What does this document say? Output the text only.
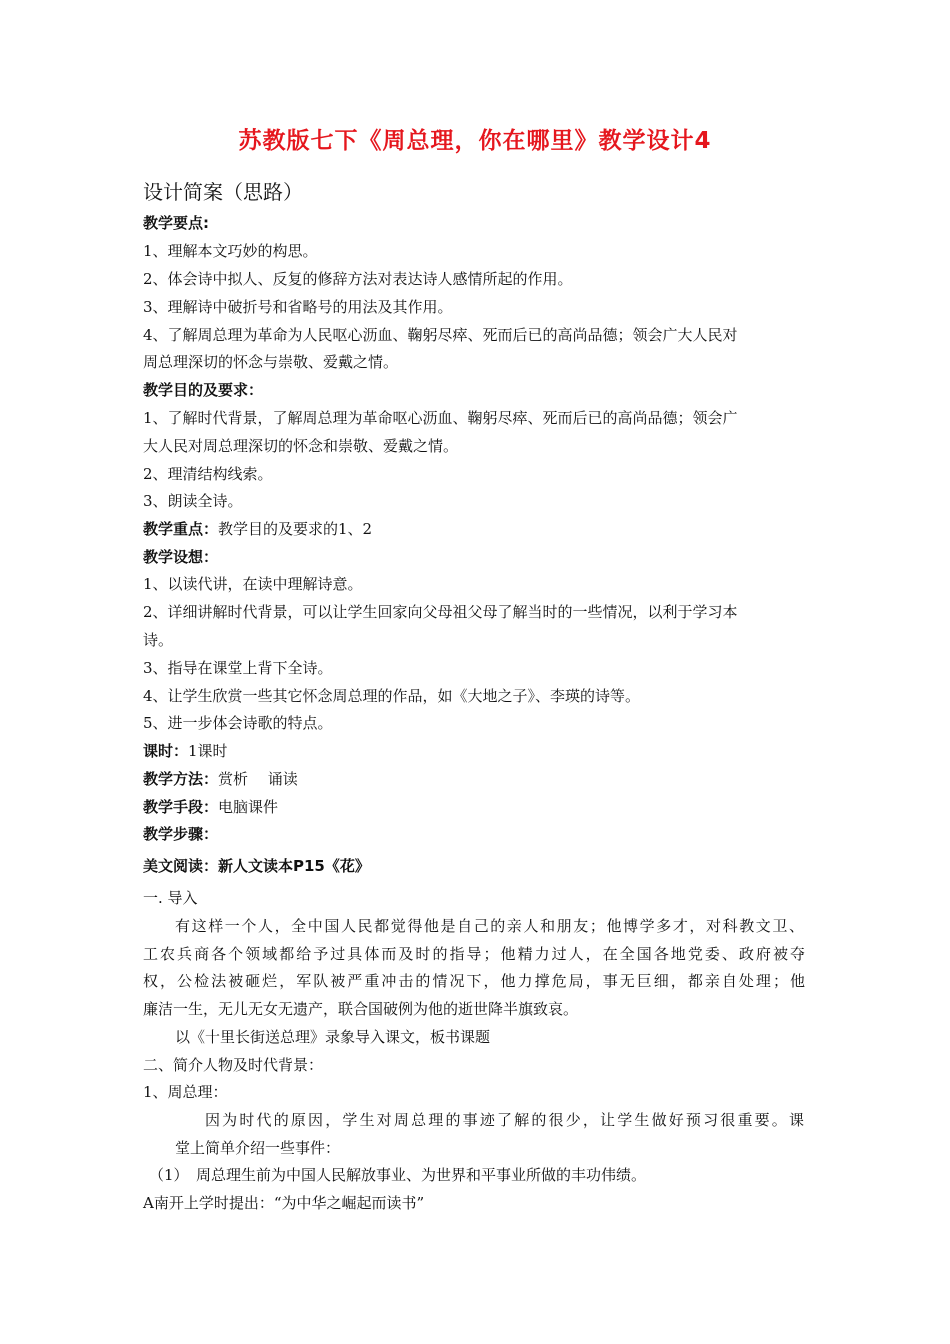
苏教版七下《周总理，你在哪里》教学设计4
设计简案（思路）
教学要点:
1、理解本文巧妙的构思。
2、体会诗中拟人、反复的修辞方法对表达诗人感情所起的作用。
3、理解诗中破折号和省略号的用法及其作用。
4、了解周总理为革命为人民呕心沥血、鞠躬尽瘁、死而后已的高尚品德；领会广大人民对
周总理深切的怀念与崇敬、爱戴之情。
教学目的及要求：
1、了解时代背景，了解周总理为革命呕心沥血、鞠躬尽瘁、死而后已的高尚品德；领会广
大人民对周总理深切的怀念和崇敬、爱戴之情。
2、理清结构线索。
3、朗读全诗。
教学重点：教学目的及要求的1、2
教学设想：
1、以读代讲，在读中理解诗意。
2、详细讲解时代背景，可以让学生回家向父母祖父母了解当时的一些情况，以利于学习本
诗。
3、指导在课堂上背下全诗。
4、让学生欣赏一些其它怀念周总理的作品，如《大地之子》、李瑛的诗等。
5、进一步体会诗歌的特点。
课时：1课时
教学方法：赏析　 诵读
教学手段：电脑课件
教学步骤：
美文阅读：新人文读本P15《花》
一. 导入
有这样一个人，全中国人民都觉得他是自己的亲人和朋友；他博学多才，对科教文卫、
工农兵商各个领域都给予过具体而及时的指导；他精力过人，在全国各地党委、政府被夺
权，公检法被砸烂，军队被严重冲击的情况下，他力撑危局，事无巨细，都亲自处理；他
廉洁一生，无儿无女无遗产，联合国破例为他的逝世降半旗致哀。
以《十里长街送总理》录象导入课文，板书课题
二、简介人物及时代背景：
1、周总理：
因为时代的原因，学生对周总理的事迹了解的很少，让学生做好预习很重要。课
堂上简单介绍一些事件：
（1）　周总理生前为中国人民解放事业、为世界和平事业所做的丰功伟绩。
A南开上学时提出：“为中华之崛起而读书”
